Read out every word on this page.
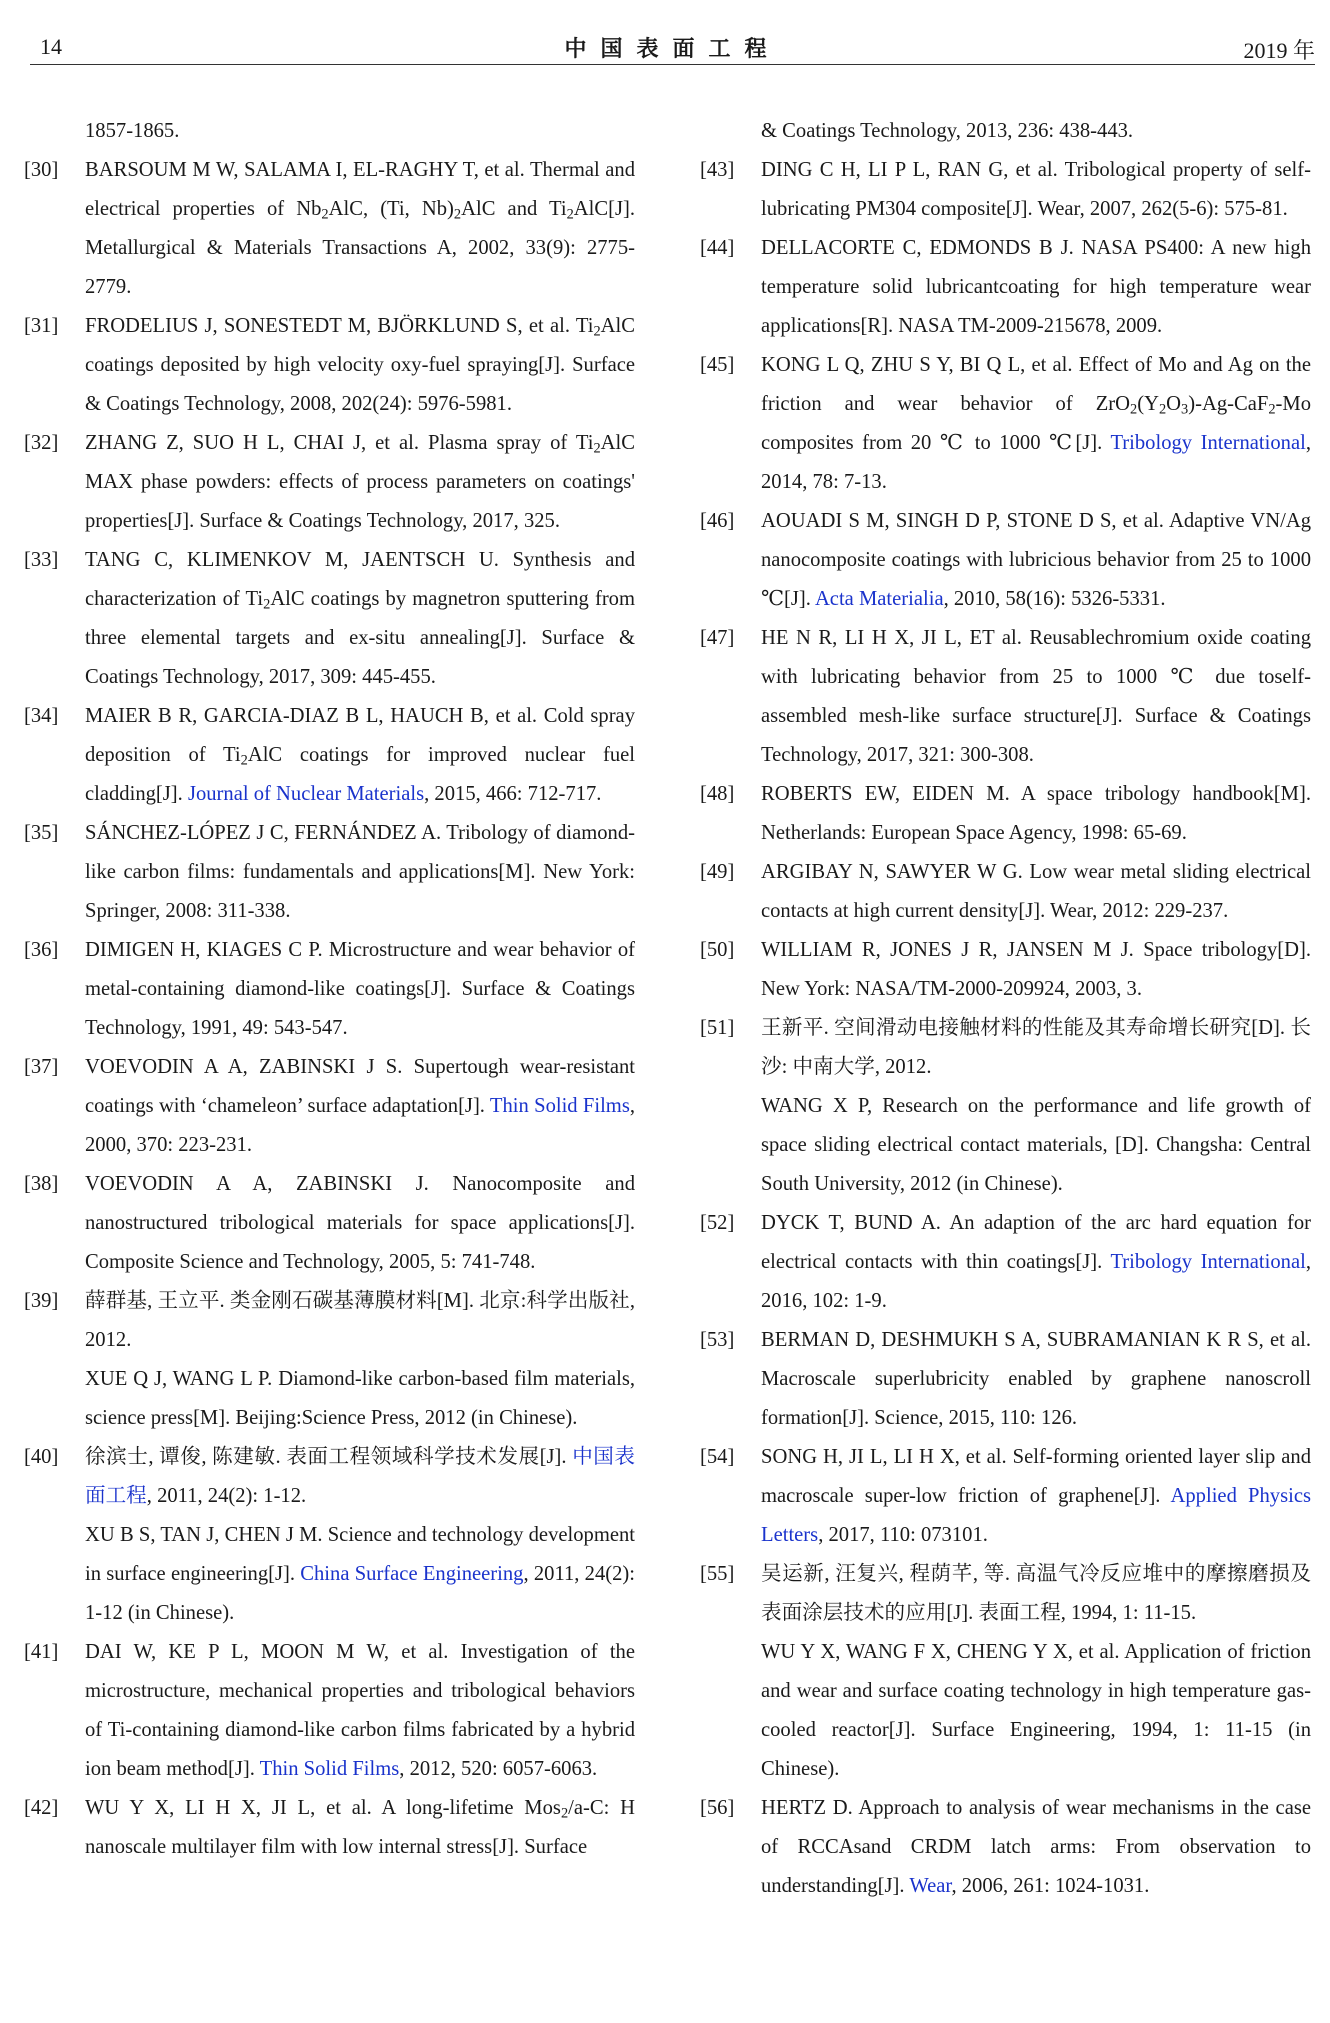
14	中国表面工程	2019 年
1857-1865.
[30] BARSOUM M W, SALAMA I, EL-RAGHY T, et al. Thermal and electrical properties of $Nb_2AlC$, (Ti, $Nb)_2AlC$ and $Ti_2AlC[J]$. Metallurgical & Materials Transactions A, 2002, 33(9): 2775-2779.
[31] FRODELIUS J, SONESTEDT M, BJÖRKLUND S, et al. $Ti_2AlC$ coatings deposited by high velocity oxy-fuel spraying[J]. Surface & Coatings Technology, 2008, 202(24): 5976-5981.
[32] ZHANG Z, SUO H L, CHAI J, et al. Plasma spray of $Ti_2AlC$ MAX phase powders: effects of process parameters on coatings' properties[J]. Surface & Coatings Technology, 2017, 325.
[33] TANG C, KLIMENKOV M, JAENTSCH U. Synthesis and characterization of $Ti_2AlC$ coatings by magnetron sputtering from three elemental targets and ex-situ annealing[J]. Surface & Coatings Technology, 2017, 309: 445-455.
[34] MAIER B R, GARCIA-DIAZ B L, HAUCH B, et al. Cold spray deposition of $Ti_2AlC$ coatings for improved nuclear fuel cladding[J]. Journal of Nuclear Materials, 2015, 466: 712-717.
[35] SÁNCHEZ-LÓPEZ J C, FERNÁNDEZ A. Tribology of diamond-like carbon films: fundamentals and applications[M]. New York: Springer, 2008: 311-338.
[36] DIMIGEN H, KIAGES C P. Microstructure and wear behavior of metal-containing diamond-like coatings[J]. Surface & Coatings Technology, 1991, 49: 543-547.
[37] VOEVODIN A A, ZABINSKI J S. Supertough wear-resistant coatings with ‘chameleon’ surface adaptation[J]. Thin Solid Films, 2000, 370: 223-231.
[38] VOEVODIN A A, ZABINSKI J. Nanocomposite and nanostructured tribological materials for space applications[J]. Composite Science and Technology, 2005, 5: 741-748.
[39] 薛群基, 王立平. 类金刚石碳基薄膜材料[M]. 北京:科学出版社, 2012.
XUE Q J, WANG L P. Diamond-like carbon-based film materials, science press[M]. Beijing:Science Press, 2012 (in Chinese).
[40] 徐滨士, 谭俊, 陈建敏. 表面工程领域科学技术发展[J]. 中国表面工程, 2011, 24(2): 1-12.
XU B S, TAN J, CHEN J M. Science and technology development in surface engineering[J]. China Surface Engineering, 2011, 24(2): 1-12 (in Chinese).
[41] DAI W, KE P L, MOON M W, et al. Investigation of the microstructure, mechanical properties and tribological behaviors of Ti-containing diamond-like carbon films fabricated by a hybrid ion beam method[J]. Thin Solid Films, 2012, 520: 6057-6063.
[42] WU Y X, LI H X, JI L, et al. A long-lifetime Mos$_2$/a-C: H nanoscale multilayer film with low internal stress[J]. Surface
& Coatings Technology, 2013, 236: 438-443.
[43] DING C H, LI P L, RAN G, et al. Tribological property of self-lubricating PM304 composite[J]. Wear, 2007, 262(5-6): 575-81.
[44] DELLACORTE C, EDMONDS B J. NASA PS400: A new high temperature solid lubricantcoating for high temperature wear applications[R]. NASA TM-2009-215678, 2009.
[45] KONG L Q, ZHU S Y, BI Q L, et al. Effect of Mo and Ag on the friction and wear behavior of $ZrO_2(Y_2O_3)-Ag-CaF_2-Mo$ composites from 20 ℃ to 1000 ℃[J]. Tribology International, 2014, 78: 7-13.
[46] AOUADI S M, SINGH D P, STONE D S, et al. Adaptive VN/Ag nanocomposite coatings with lubricious behavior from 25 to 1000 ℃[J]. Acta Materialia, 2010, 58(16): 5326-5331.
[47] HE N R, LI H X, JI L, ET al. Reusablechromium oxide coating with lubricating behavior from 25 to 1000 ℃ due toself-assembled mesh-like surface structure[J]. Surface & Coatings Technology, 2017, 321: 300-308.
[48] ROBERTS EW, EIDEN M. A space tribology handbook[M]. Netherlands: European Space Agency, 1998: 65-69.
[49] ARGIBAY N, SAWYER W G. Low wear metal sliding electrical contacts at high current density[J]. Wear, 2012: 229-237.
[50] WILLIAM R, JONES J R, JANSEN M J. Space tribology[D]. New York: NASA/TM-2000-209924, 2003, 3.
[51] 王新平. 空间滑动电接触材料的性能及其寿命增长研究[D]. 长沙: 中南大学, 2012.
WANG X P, Research on the performance and life growth of space sliding electrical contact materials, [D]. Changsha: Central South University, 2012 (in Chinese).
[52] DYCK T, BUND A. An adaption of the arc hard equation for electrical contacts with thin coatings[J]. Tribology International, 2016, 102: 1-9.
[53] BERMAN D, DESHMUKH S A, SUBRAMANIAN K R S, et al. Macroscale superlubricity enabled by graphene nanoscroll formation[J]. Science, 2015, 110: 126.
[54] SONG H, JI L, LI H X, et al. Self-forming oriented layer slip and macroscale super-low friction of graphene[J]. Applied Physics Letters, 2017, 110: 073101.
[55] 吴运新, 汪复兴, 程荫芊, 等. 高温气冷反应堆中的摩擦磨损及表面涂层技术的应用[J]. 表面工程, 1994, 1: 11-15.
WU Y X, WANG F X, CHENG Y X, et al. Application of friction and wear and surface coating technology in high temperature gas-cooled reactor[J]. Surface Engineering, 1994, 1: 11-15 (in Chinese).
[56] HERTZ D. Approach to analysis of wear mechanisms in the case of RCCAsand CRDM latch arms: From observation to understanding[J]. Wear, 2006, 261: 1024-1031.
